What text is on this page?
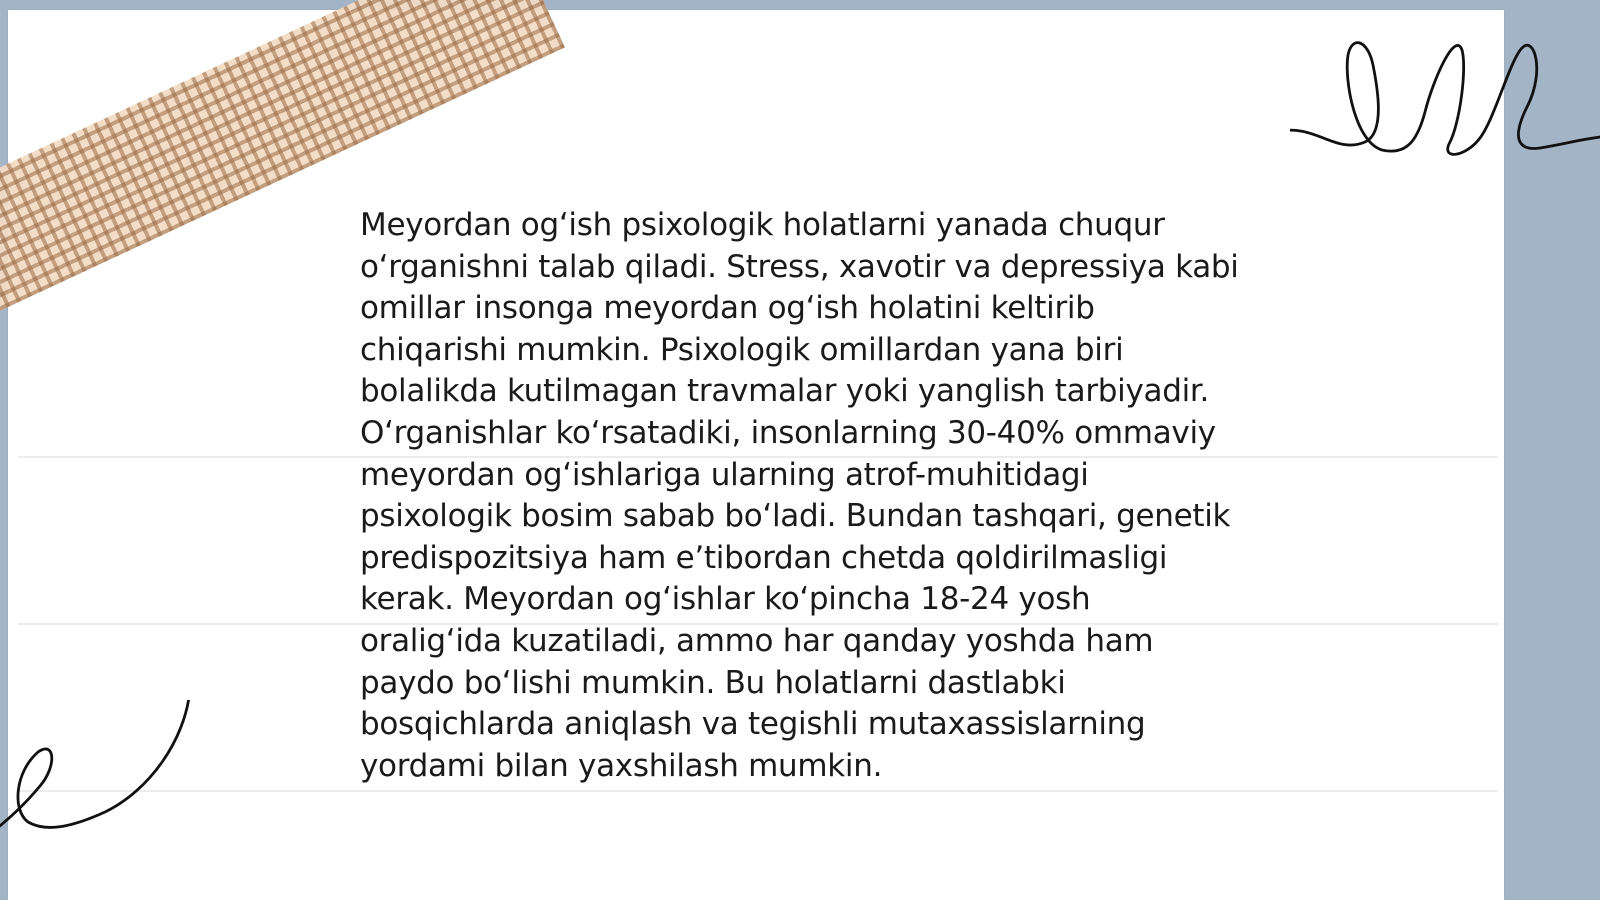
Meyordan og‘ish psixologik holatlarni yanada chuqur o‘rganishni talab qiladi. Stress, xavotir va depressiya kabi omillar insonga meyordan og‘ish holatini keltirib chiqarishi mumkin. Psixologik omillardan yana biri bolalikda kutilmagan travmalar yoki yanglish tarbiyadir. O‘rganishlar ko‘rsatadiki, insonlarning 30-40% ommaviy meyordan og‘ishlariga ularning atrof-muhitidagi psixologik bosim sabab bo‘ladi. Bundan tashqari, genetik predispozitsiya ham e’tibordan chetda qoldirilmasligi kerak. Meyordan og‘ishlar ko‘pincha 18-24 yosh oralig‘ida kuzatiladi, ammo har qanday yoshda ham paydo bo‘lishi mumkin. Bu holatlarni dastlabki bosqichlarda aniqlash va tegishli mutaxassislarning yordami bilan yaxshilash mumkin.
